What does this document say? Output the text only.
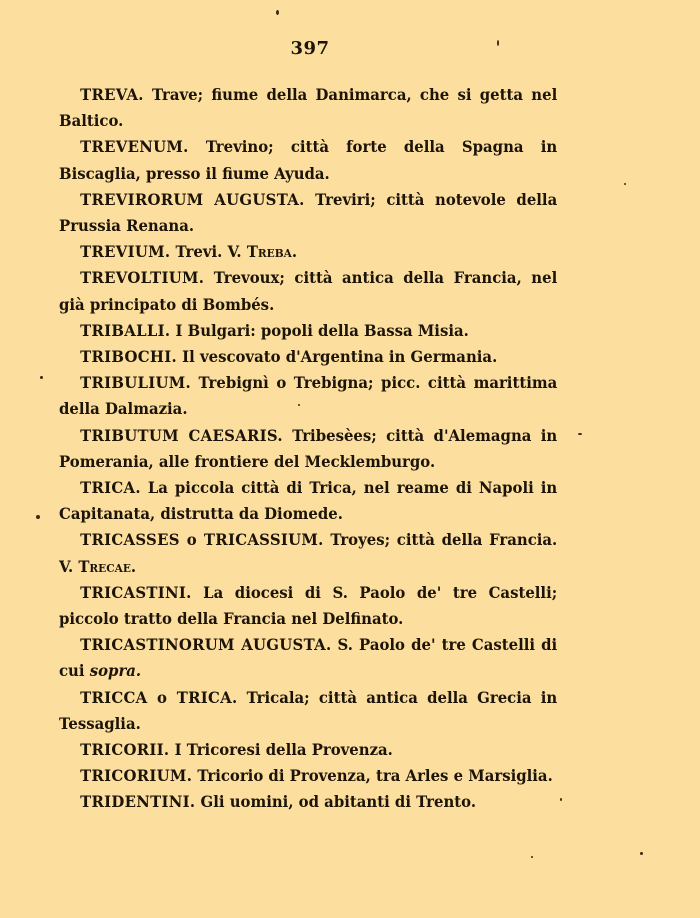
397

TREVA. Trave; fiume della Danimarca, che si getta nel Baltico.

TREVENUM. Trevino; città forte della Spagna in Biscaglia, presso il fiume Ayuda.

TREVIRORUM AUGUSTA. Treviri; città notevole della Prussia Renana.

TREVIUM. Trevi. V. Treba.

TREVOLTIUM. Trevoux; città antica della Francia, nel già principato di Bombés.

TRIBALLI. I Bulgari: popoli della Bassa Misia.

TRIBOCHI. Il vescovato d'Argentina in Germania.

TRIBULIUM. Trebignì o Trebigna; picc. città marittima della Dalmazia.

TRIBUTUM CAESARIS. Tribesèes; città d'Alemagna in Pomerania, alle frontiere del Mecklemburgo.

TRICA. La piccola città di Trica, nel reame di Napoli in Capitanata, distrutta da Diomede.

TRICASSES o TRICASSIUM. Troyes; città della Francia. V. Trecae.

TRICASTINI. La diocesi di S. Paolo de' tre Castelli; piccolo tratto della Francia nel Delfinato.

TRICASTINORUM AUGUSTA. S. Paolo de' tre Castelli di cui sopra.

TRICCA o TRICA. Tricala; città antica della Grecia in Tessaglia.

TRICORII. I Tricoresi della Provenza.

TRICORIUM. Tricorio di Provenza, tra Arles e Marsiglia.

TRIDENTINI. Gli uomini, od abitanti di Trento.
